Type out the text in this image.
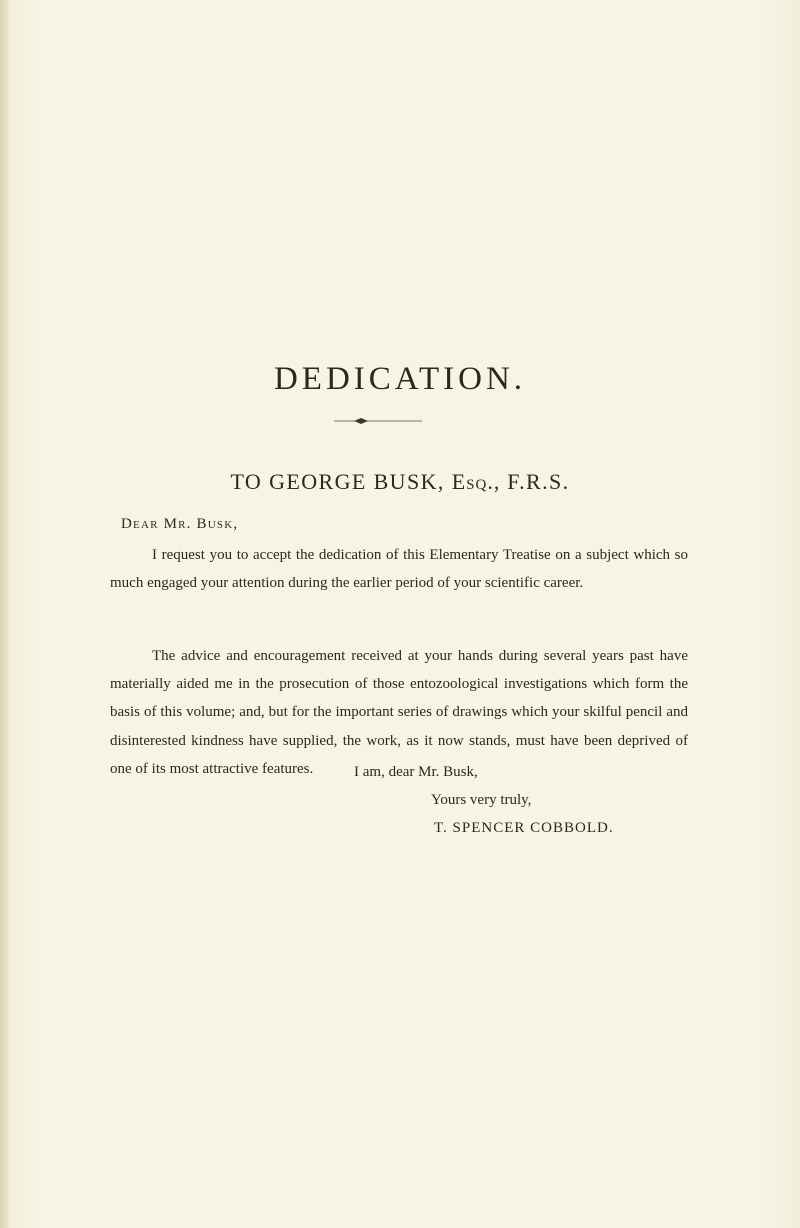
DEDICATION.
TO GEORGE BUSK, Esq., F.R.S.
Dear Mr. Busk,

I request you to accept the dedication of this Elementary Treatise on a subject which so much engaged your attention during the earlier period of your scientific career.

The advice and encouragement received at your hands during several years past have materially aided me in the prosecution of those entozoological investigations which form the basis of this volume; and, but for the important series of drawings which your skilful pencil and disinterested kindness have supplied, the work, as it now stands, must have been deprived of one of its most attractive features.	I am, dear Mr. Busk,
Yours very truly,
T. SPENCER COBBOLD.
